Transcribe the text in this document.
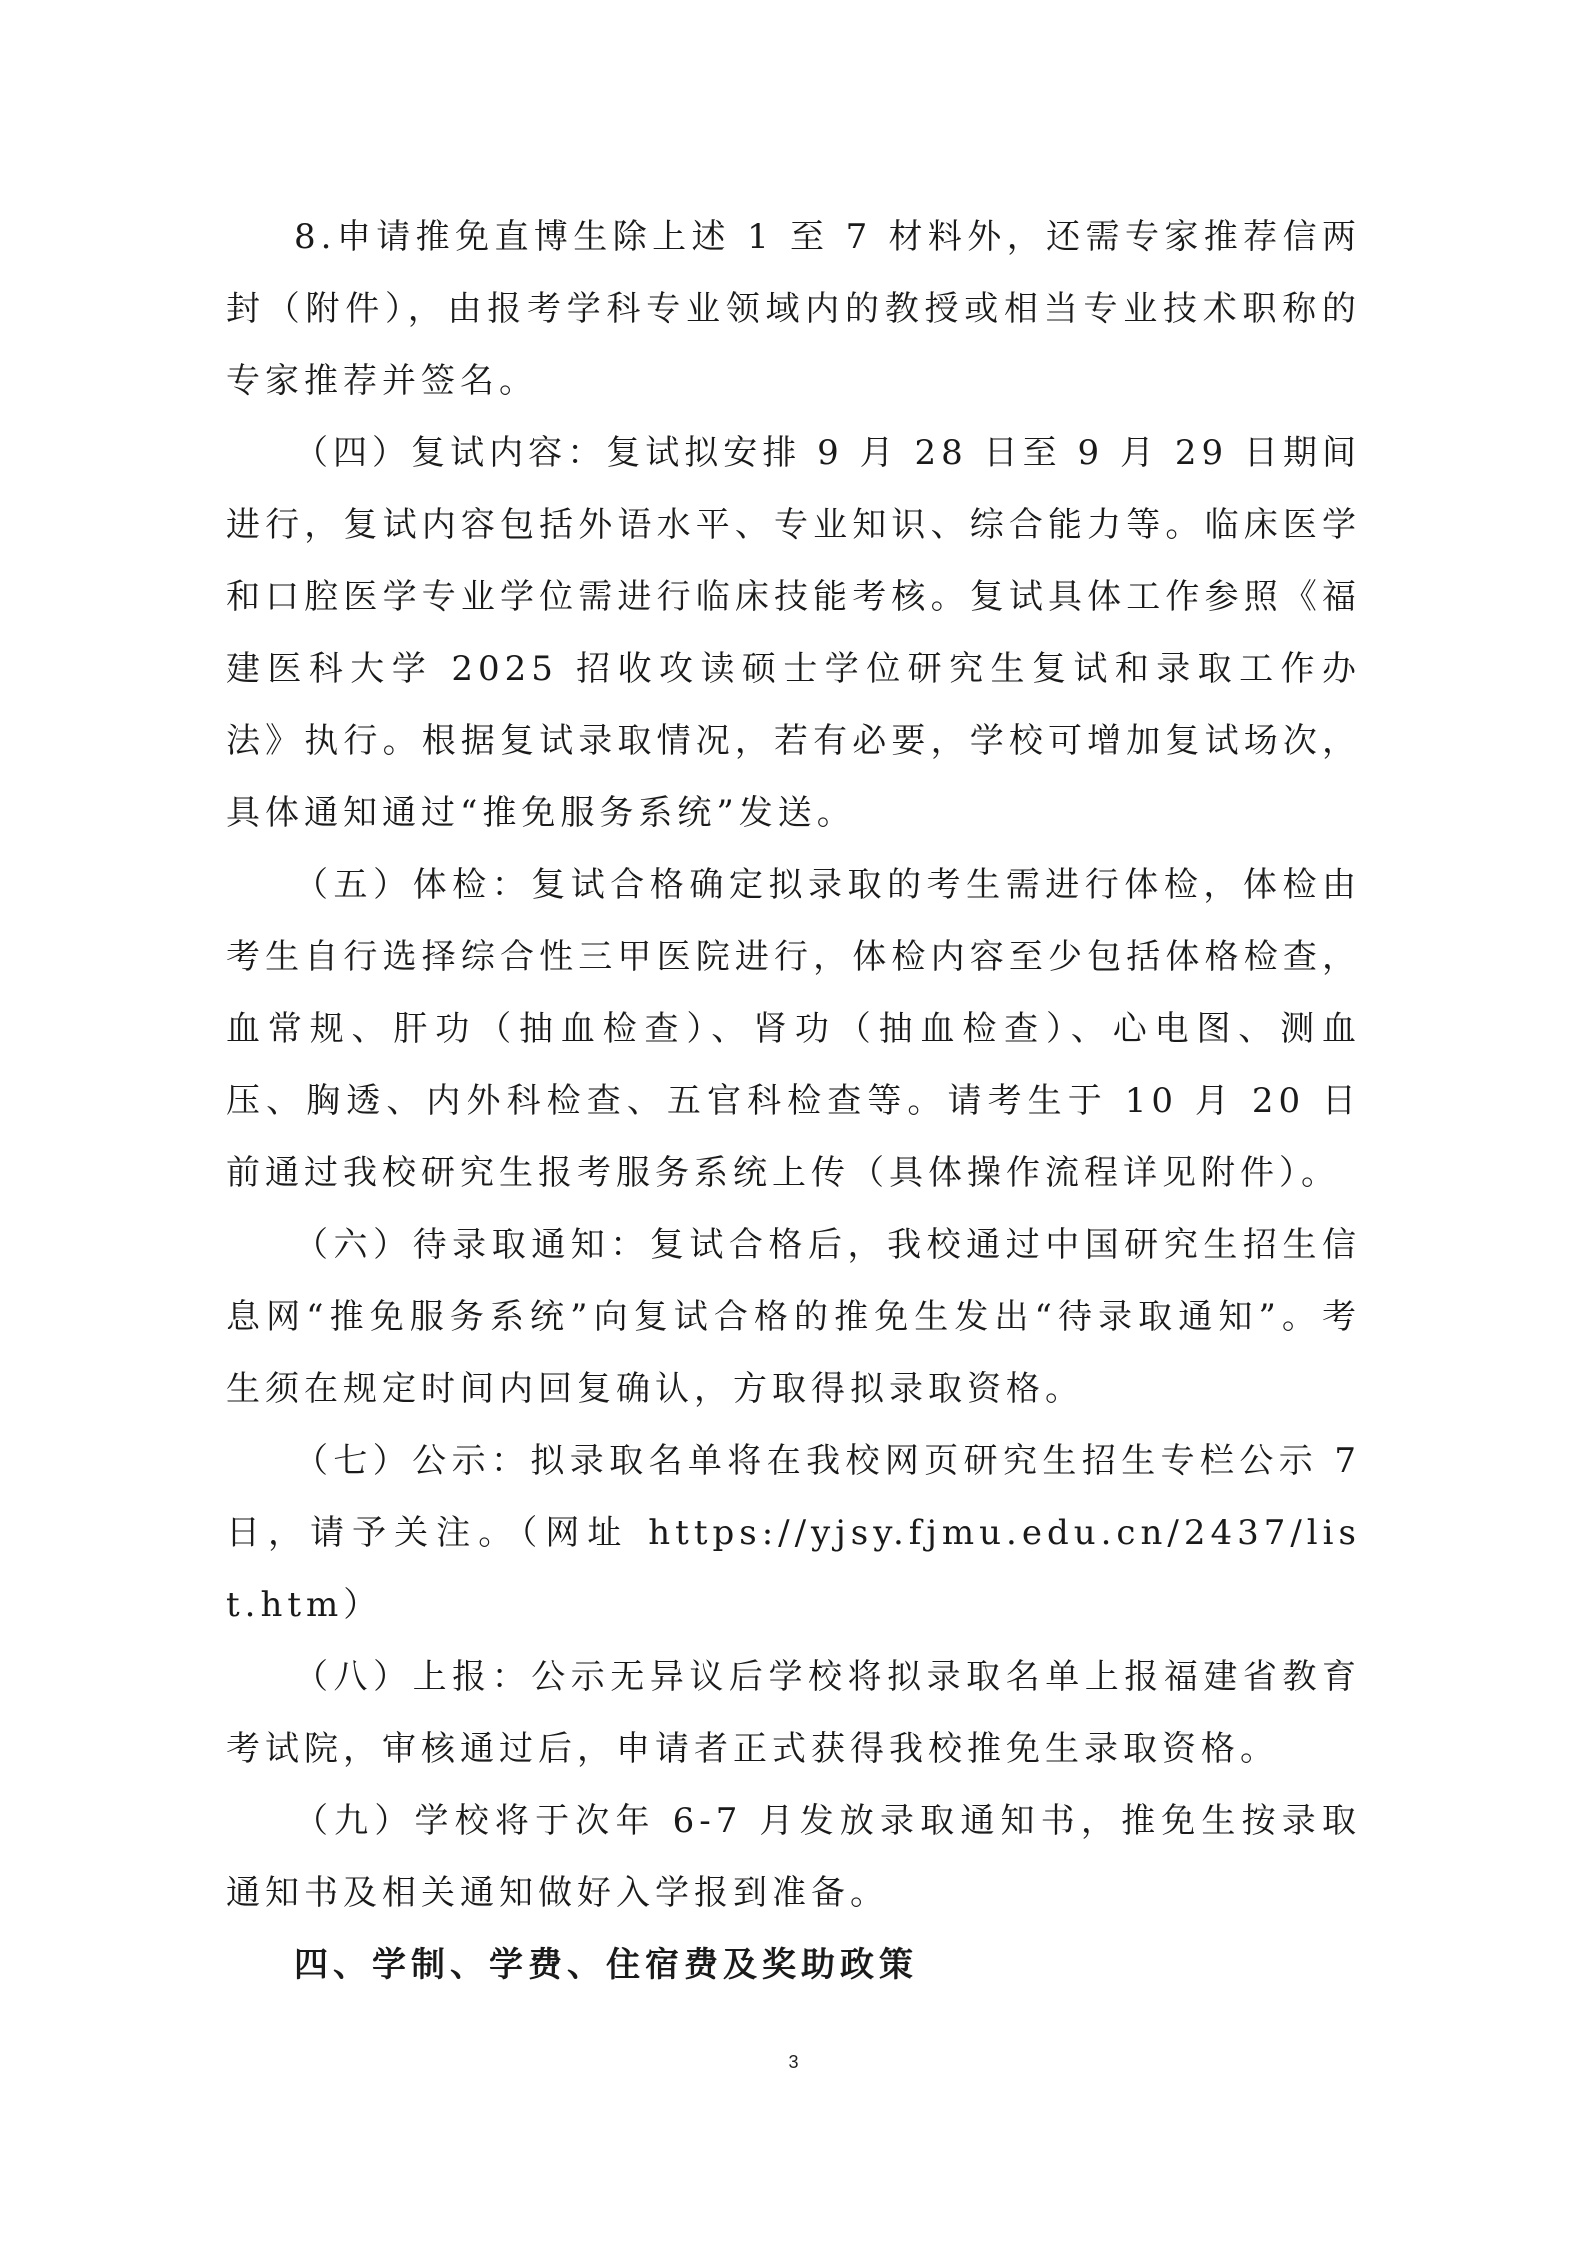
8.申请推免直博生除上述 1 至 7 材料外，还需专家推荐信两封（附件），由报考学科专业领域内的教授或相当专业技术职称的专家推荐并签名。

（四）复试内容：复试拟安排 9 月 28 日至 9 月 29 日期间进行，复试内容包括外语水平、专业知识、综合能力等。临床医学和口腔医学专业学位需进行临床技能考核。复试具体工作参照《福建医科大学 2025 招收攻读硕士学位研究生复试和录取工作办法》执行。根据复试录取情况，若有必要，学校可增加复试场次，具体通知通过“推免服务系统”发送。

（五）体检：复试合格确定拟录取的考生需进行体检，体检由考生自行选择综合性三甲医院进行，体检内容至少包括体格检查，血常规、肝功（抽血检查）、肾功（抽血检查）、心电图、测血压、胸透、内外科检查、五官科检查等。请考生于 10 月 20 日前通过我校研究生报考服务系统上传（具体操作流程详见附件）。

（六）待录取通知：复试合格后，我校通过中国研究生招生信息网“推免服务系统”向复试合格的推免生发出“待录取通知”。考生须在规定时间内回复确认，方取得拟录取资格。

（七）公示：拟录取名单将在我校网页研究生招生专栏公示 7 日，请予关注。（网址 https://yjsy.fjmu.edu.cn/2437/list.htm）

（八）上报：公示无异议后学校将拟录取名单上报福建省教育考试院，审核通过后，申请者正式获得我校推免生录取资格。

（九）学校将于次年 6-7 月发放录取通知书，推免生按录取通知书及相关通知做好入学报到准备。

四、学制、学费、住宿费及奖助政策

3
